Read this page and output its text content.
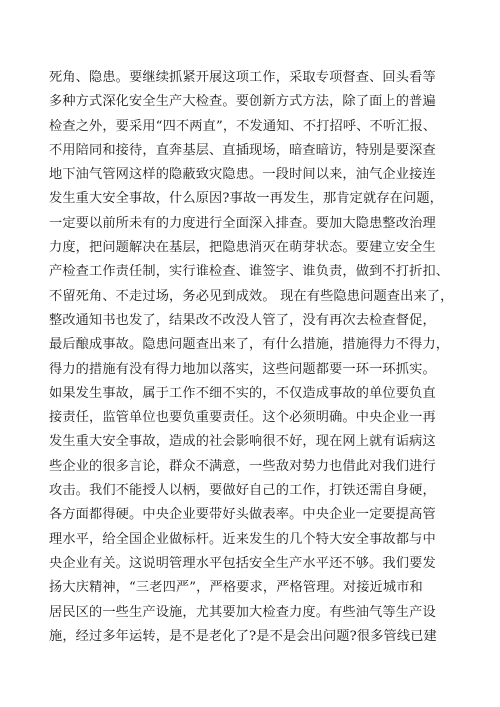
死角、隐患。要继续抓紧开展这项工作，采取专项督查、回头看等
多种方式深化安全生产大检查。要创新方式方法，除了面上的普遍
检查之外，要采用“四不两直”，不发通知、不打招呼、不听汇报、
不用陪同和接待，直奔基层、直插现场，暗查暗访，特别是要深查
地下油气管网这样的隐蔽致灾隐患。一段时间以来，油气企业接连
发生重大安全事故，什么原因?事故一再发生，那肯定就存在问题，
一定要以前所未有的力度进行全面深入排查。要加大隐患整改治理
力度，把问题解决在基层，把隐患消灭在萌芽状态。要建立安全生
产检查工作责任制，实行谁检查、谁签字、谁负责，做到不打折扣、
不留死角、不走过场，务必见到成效。 现在有些隐患问题查出来了，
整改通知书也发了，结果改不改没人管了，没有再次去检查督促，
最后酿成事故。隐患问题查出来了，有什么措施，措施得力不得力，
得力的措施有没有得力地加以落实，这些问题都要一环一环抓实。
如果发生事故，属于工作不细不实的，不仅造成事故的单位要负直
接责任，监管单位也要负重要责任。这个必须明确。中央企业一再
发生重大安全事故，造成的社会影响很不好，现在网上就有诟病这
些企业的很多言论，群众不满意，一些敌对势力也借此对我们进行
攻击。我们不能授人以柄，要做好自己的工作，打铁还需自身硬，
各方面都得硬。中央企业要带好头做表率。中央企业一定要提高管
理水平，给全国企业做标杆。近来发生的几个特大安全事故都与中
央企业有关。这说明管理水平包括安全生产水平还不够。我们要发
扬大庆精神，“三老四严”，严格要求，严格管理。对接近城市和
居民区的一些生产设施，尤其要加大检查力度。有些油气等生产设
施，经过多年运转，是不是老化了?是不是会出问题?很多管线已建
